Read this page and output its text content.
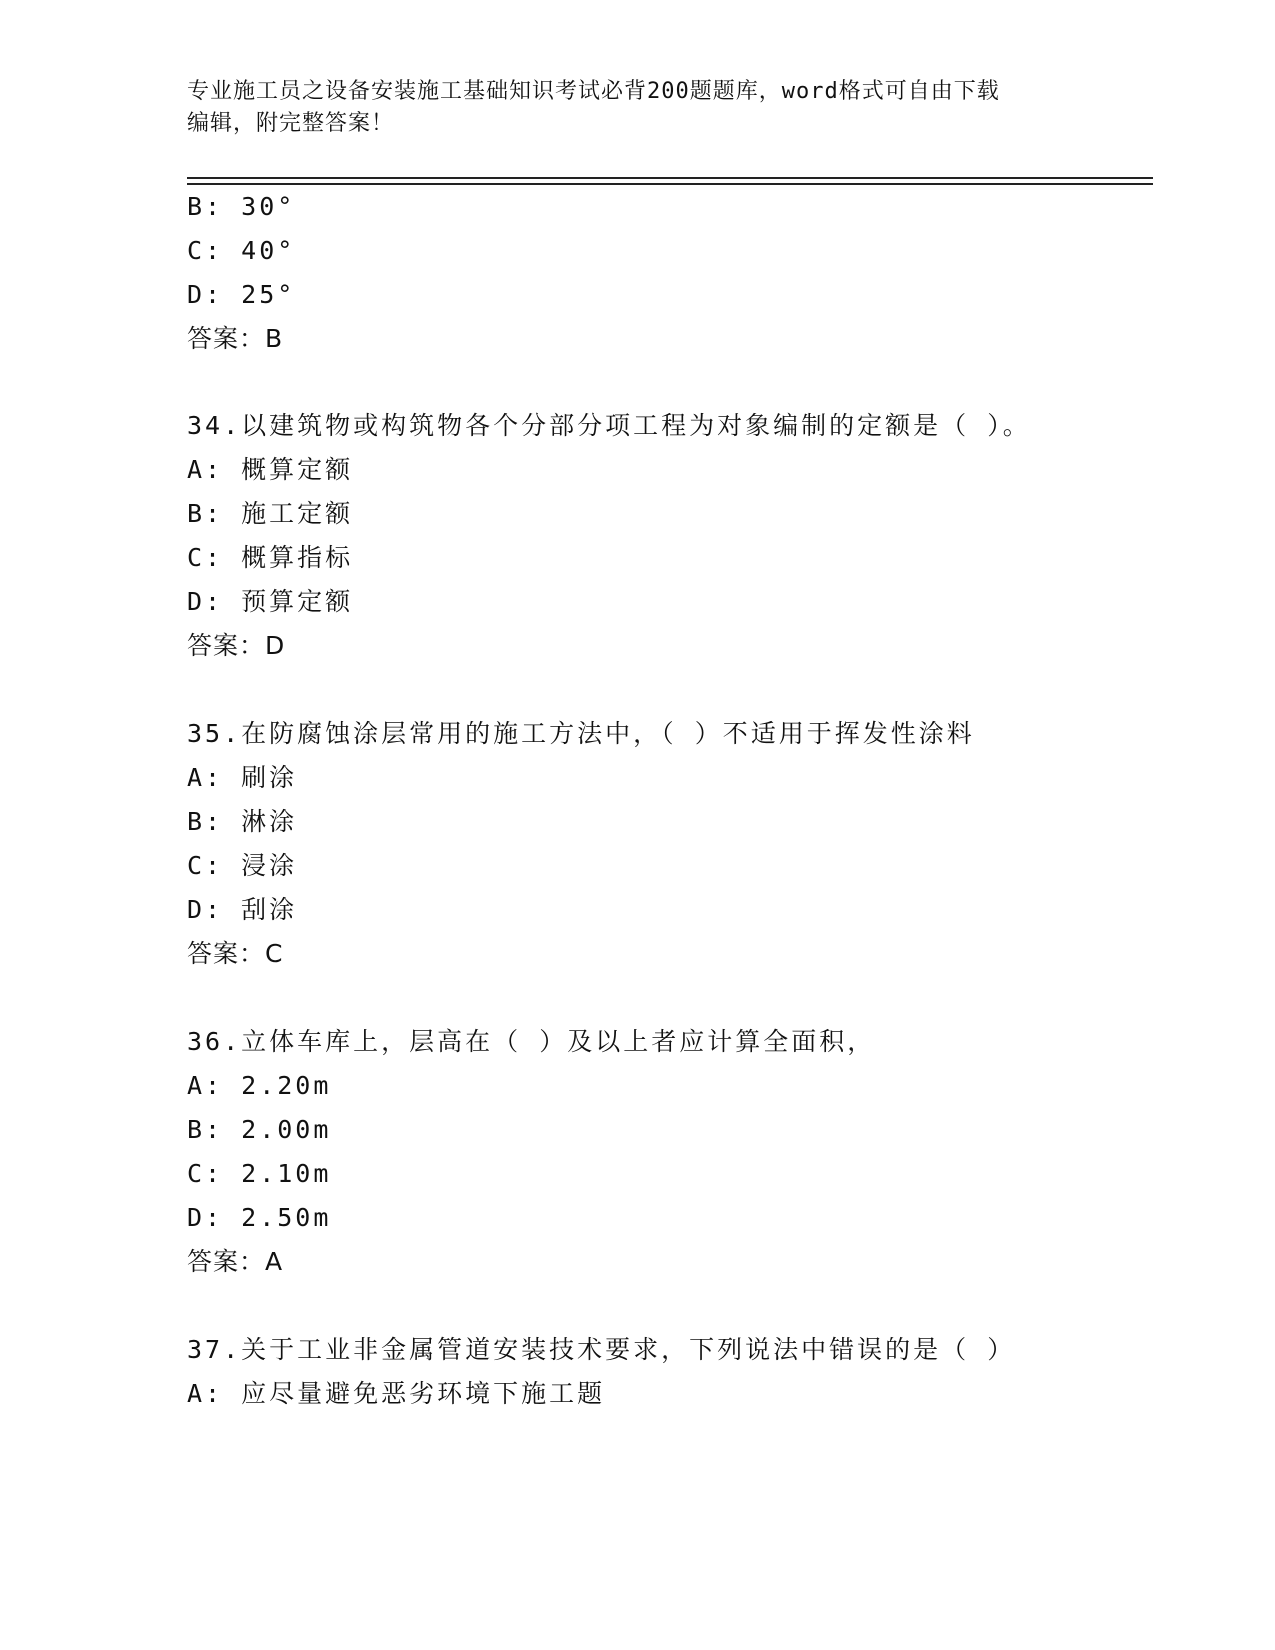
专业施工员之设备安装施工基础知识考试必背200题题库，word格式可自由下载
编辑，附完整答案！
B: 30°
C: 40°
D: 25°
答案：B
34.以建筑物或构筑物各个分部分项工程为对象编制的定额是（ ）。
A: 概算定额
B: 施工定额
C: 概算指标
D: 预算定额
答案：D
35.在防腐蚀涂层常用的施工方法中，（ ）不适用于挥发性涂料
A: 刷涂
B: 淋涂
C: 浸涂
D: 刮涂
答案：C
36.立体车库上，层高在（ ）及以上者应计算全面积，
A: 2.20m
B: 2.00m
C: 2.10m
D: 2.50m
答案：A
37.关于工业非金属管道安装技术要求，下列说法中错误的是（ ）
A: 应尽量避免恶劣环境下施工题
